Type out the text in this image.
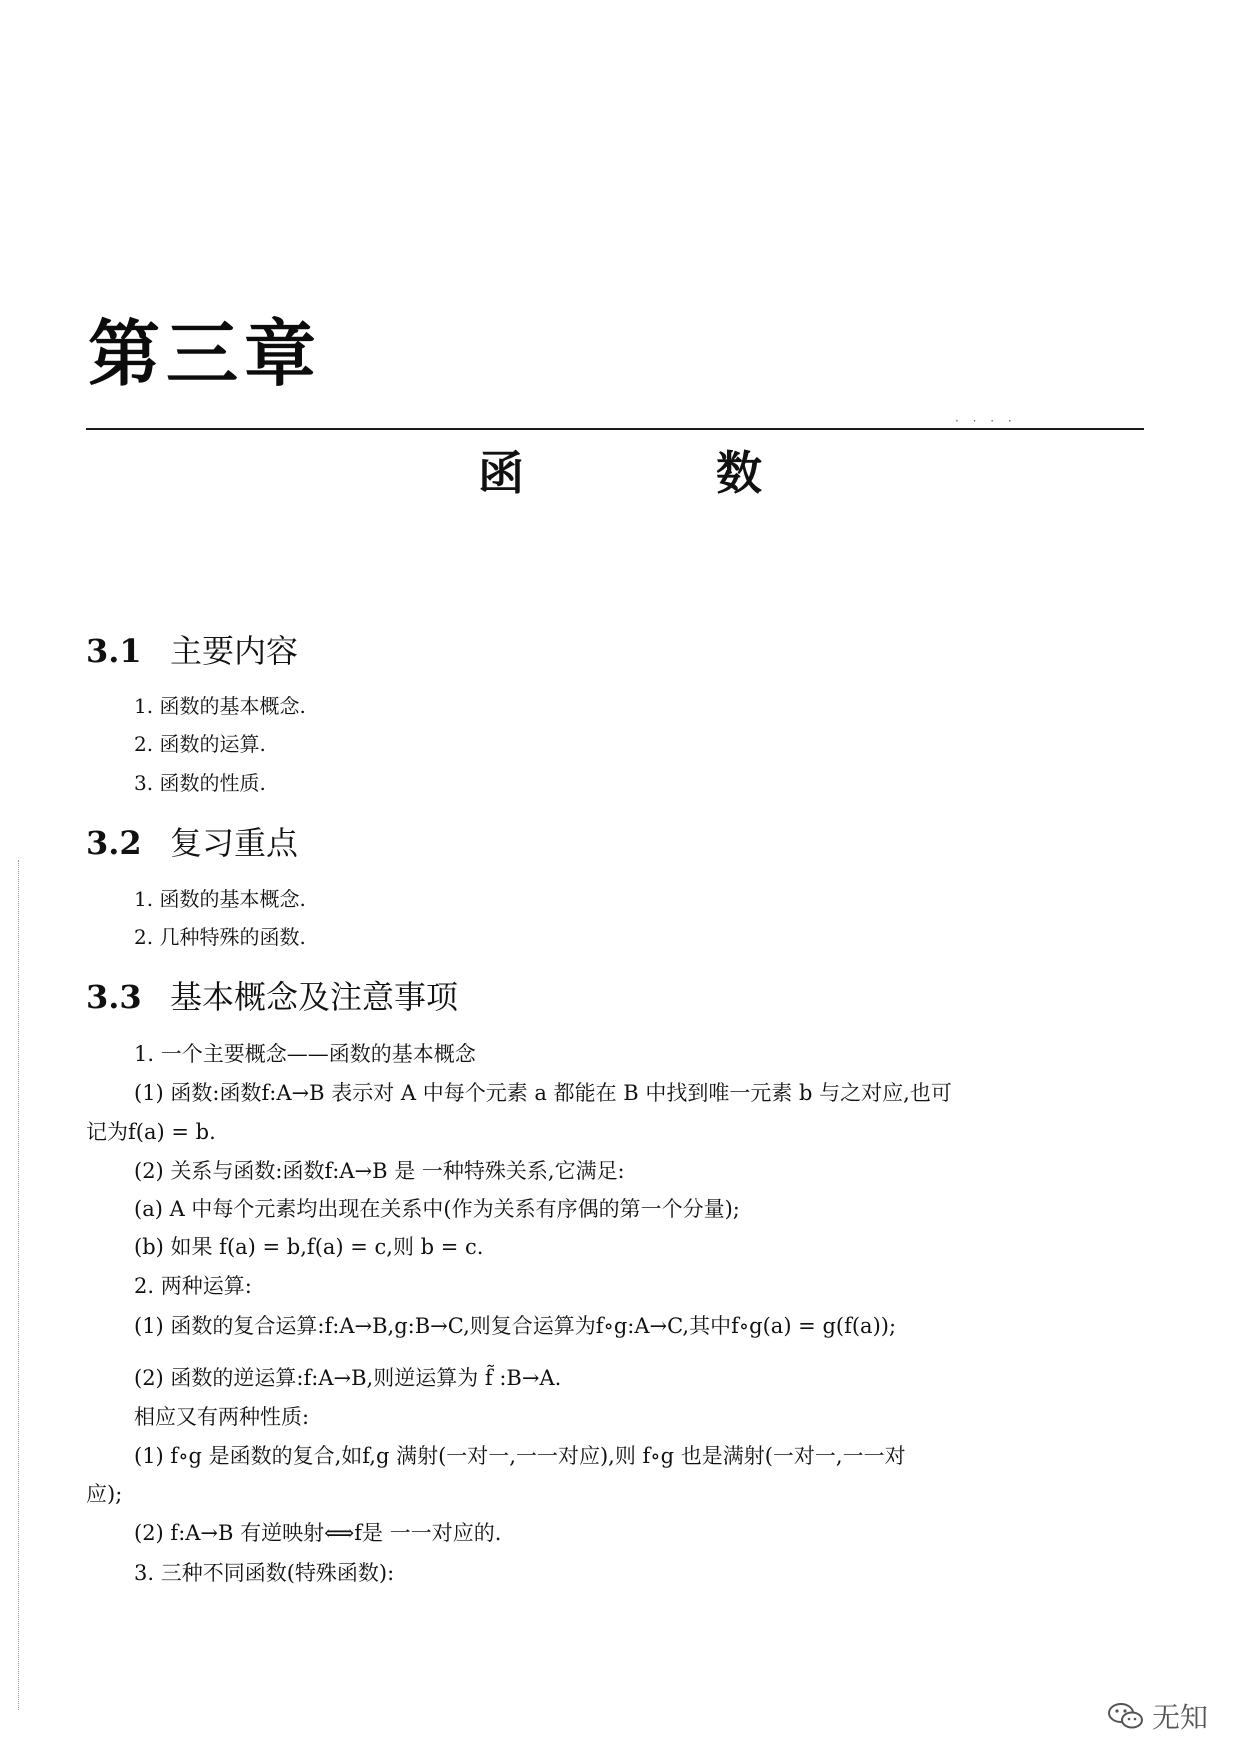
第三章
· · · ·
函 数
3.1 主要内容
1. 函数的基本概念.
2. 函数的运算.
3. 函数的性质.
3.2 复习重点
1. 函数的基本概念.
2. 几种特殊的函数.
3.3 基本概念及注意事项
1. 一个主要概念——函数的基本概念
(1) 函数:函数f:A→B 表示对 A 中每个元素 a 都能在 B 中找到唯一元素 b 与之对应,也可
记为f(a) = b.
(2) 关系与函数:函数f:A→B 是 一种特殊关系,它满足:
(a) A 中每个元素均出现在关系中(作为关系有序偶的第一个分量);
(b) 如果 f(a) = b,f(a) = c,则 b = c.
2. 两种运算:
(1) 函数的复合运算:f:A→B,g:B→C,则复合运算为f∘g:A→C,其中f∘g(a) = g(f(a));
(2) 函数的逆运算:f:A→B,则逆运算为 f̃ :B→A.
相应又有两种性质:
(1) f∘g 是函数的复合,如f,g 满射(一对一,一一对应),则 f∘g 也是满射(一对一,一一对
应);
(2) f:A→B 有逆映射⟺f是 一一对应的.
3. 三种不同函数(特殊函数):
无知
